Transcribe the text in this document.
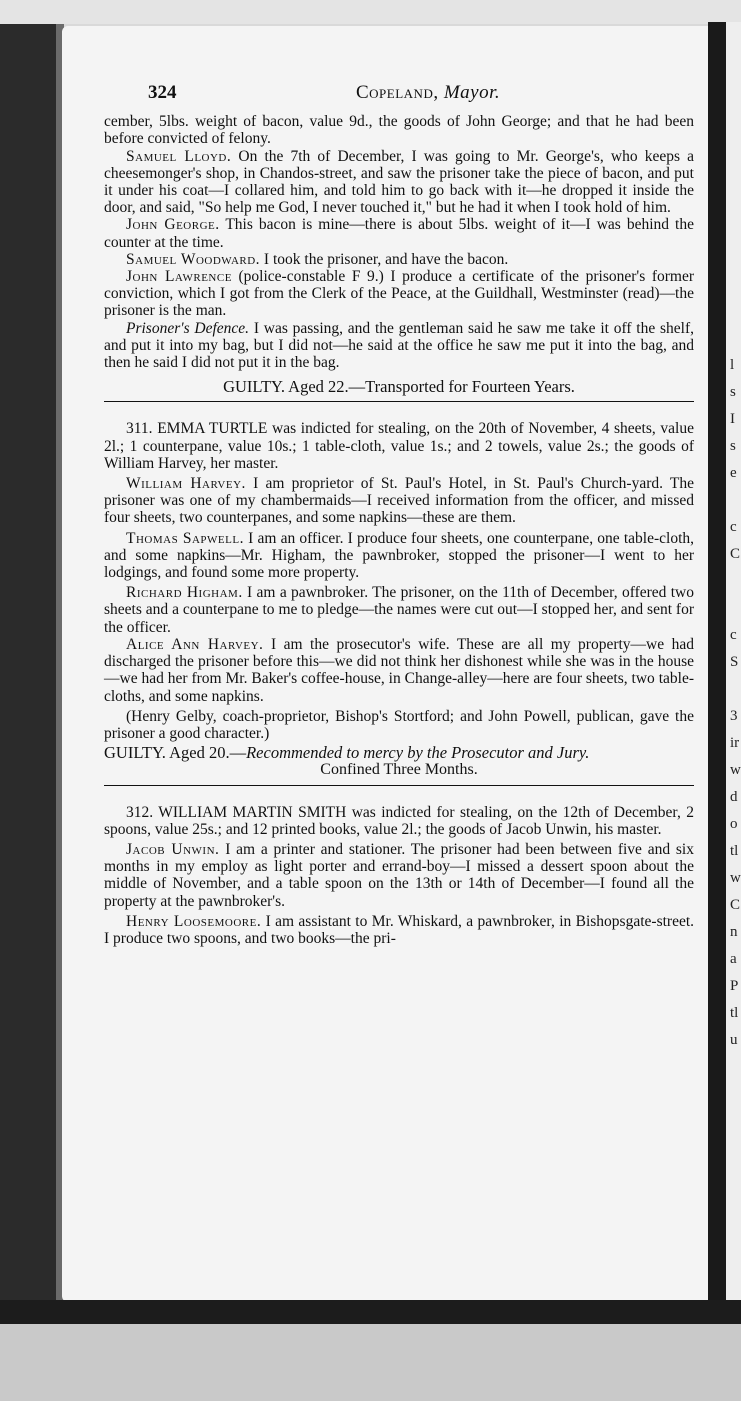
l
s
I
s
e

c
C

c
S

3
ir
w
d
o
tl
w
C
n
a
P
tl
u
324	Copeland, Mayor.

cember, 5lbs. weight of bacon, value 9d., the goods of John George; and that he had been before convicted of felony.

Samuel Lloyd. On the 7th of December, I was going to Mr. George's, who keeps a cheesemonger's shop, in Chandos-street, and saw the prisoner take the piece of bacon, and put it under his coat—I collared him, and told him to go back with it—he dropped it inside the door, and said, "So help me God, I never touched it," but he had it when I took hold of him.

John George. This bacon is mine—there is about 5lbs. weight of it—I was behind the counter at the time.

Samuel Woodward. I took the prisoner, and have the bacon.

John Lawrence (police-constable F 9.) I produce a certificate of the prisoner's former conviction, which I got from the Clerk of the Peace, at the Guildhall, Westminster (read)—the prisoner is the man.

Prisoner's Defence. I was passing, and the gentleman said he saw me take it off the shelf, and put it into my bag, but I did not—he said at the office he saw me put it into the bag, and then he said I did not put it in the bag.

GUILTY. Aged 22.—Transported for Fourteen Years.

311. EMMA TURTLE was indicted for stealing, on the 20th of November, 4 sheets, value 2l.; 1 counterpane, value 10s.; 1 table-cloth, value 1s.; and 2 towels, value 2s.; the goods of William Harvey, her master.

William Harvey. I am proprietor of St. Paul's Hotel, in St. Paul's Church-yard. The prisoner was one of my chambermaids—I received information from the officer, and missed four sheets, two counterpanes, and some napkins—these are them.

Thomas Sapwell. I am an officer. I produce four sheets, one counterpane, one table-cloth, and some napkins—Mr. Higham, the pawnbroker, stopped the prisoner—I went to her lodgings, and found some more property.

Richard Higham. I am a pawnbroker. The prisoner, on the 11th of December, offered two sheets and a counterpane to me to pledge—the names were cut out—I stopped her, and sent for the officer.

Alice Ann Harvey. I am the prosecutor's wife. These are all my property—we had discharged the prisoner before this—we did not think her dishonest while she was in the house—we had her from Mr. Baker's coffee-house, in Change-alley—here are four sheets, two table-cloths, and some napkins.

(Henry Gelby, coach-proprietor, Bishop's Stortford; and John Powell, publican, gave the prisoner a good character.)

GUILTY. Aged 20.—Recommended to mercy by the Prosecutor and Jury.

Confined Three Months.

312. WILLIAM MARTIN SMITH was indicted for stealing, on the 12th of December, 2 spoons, value 25s.; and 12 printed books, value 2l.; the goods of Jacob Unwin, his master.

Jacob Unwin. I am a printer and stationer. The prisoner had been between five and six months in my employ as light porter and errand-boy—I missed a dessert spoon about the middle of November, and a table spoon on the 13th or 14th of December—I found all the property at the pawnbroker's.

Henry Loosemoore. I am assistant to Mr. Whiskard, a pawnbroker, in Bishopsgate-street. I produce two spoons, and two books—the pri-
